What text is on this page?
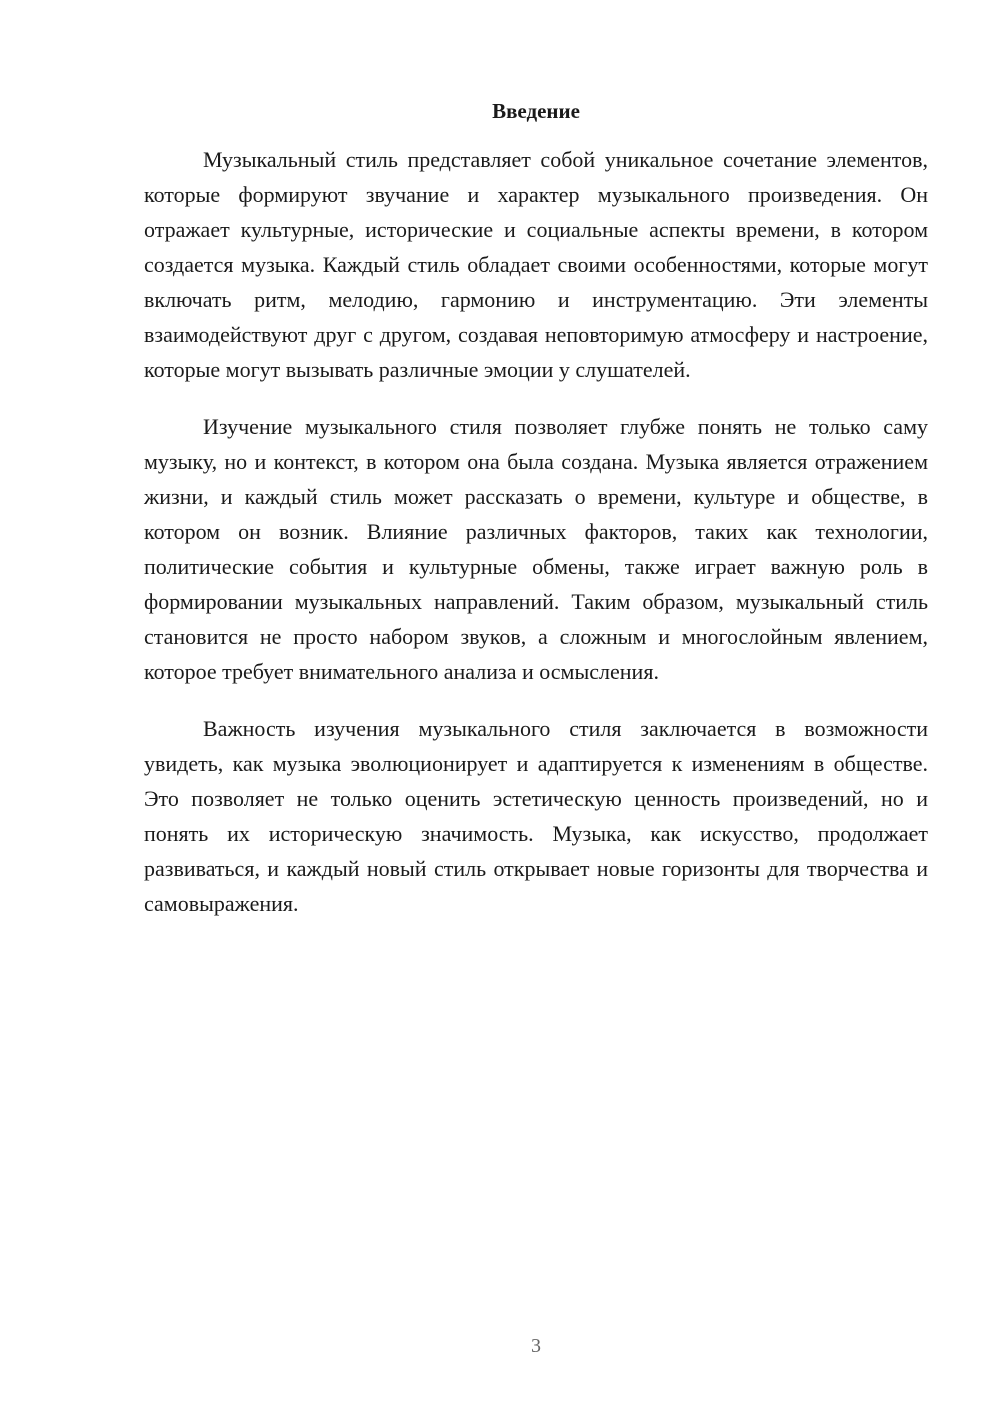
Введение

Музыкальный стиль представляет собой уникальное сочетание элементов, которые формируют звучание и характер музыкального произведения. Он отражает культурные, исторические и социальные аспекты времени, в котором создается музыка. Каждый стиль обладает своими особенностями, которые могут включать ритм, мелодию, гармонию и инструментацию. Эти элементы взаимодействуют друг с другом, создавая неповторимую атмосферу и настроение, которые могут вызывать различные эмоции у слушателей.

Изучение музыкального стиля позволяет глубже понять не только саму музыку, но и контекст, в котором она была создана. Музыка является отражением жизни, и каждый стиль может рассказать о времени, культуре и обществе, в котором он возник. Влияние различных факторов, таких как технологии, политические события и культурные обмены, также играет важную роль в формировании музыкальных направлений. Таким образом, музыкальный стиль становится не просто набором звуков, а сложным и многослойным явлением, которое требует внимательного анализа и осмысления.

Важность изучения музыкального стиля заключается в возможности увидеть, как музыка эволюционирует и адаптируется к изменениям в обществе. Это позволяет не только оценить эстетическую ценность произведений, но и понять их историческую значимость. Музыка, как искусство, продолжает развиваться, и каждый новый стиль открывает новые горизонты для творчества и самовыражения.

3
